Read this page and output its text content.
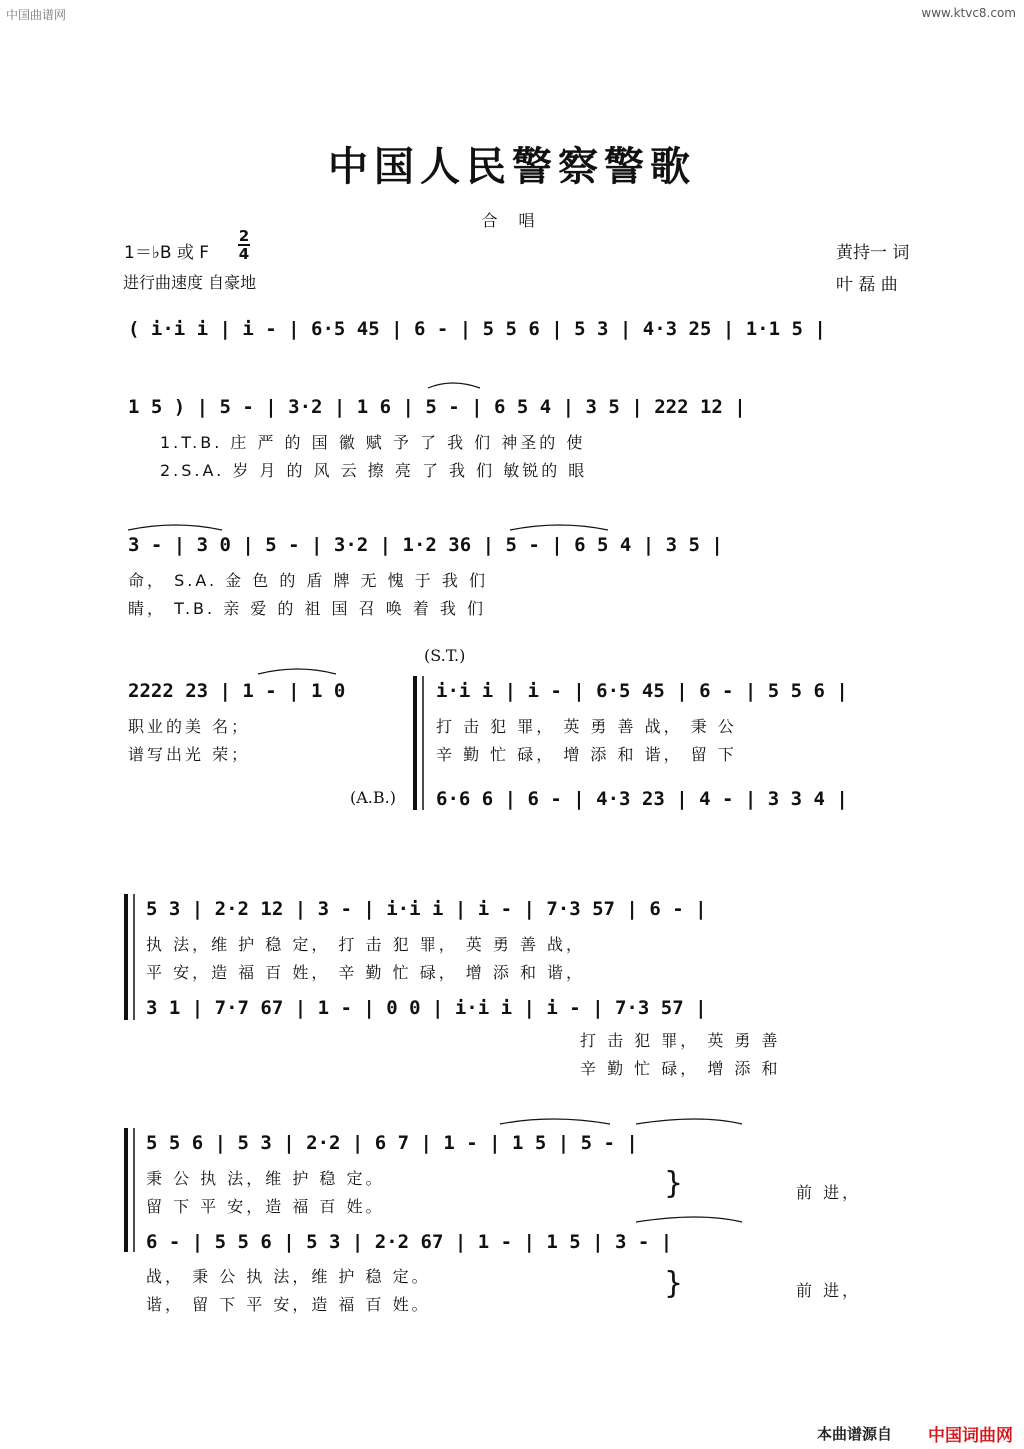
中国曲谱网	www.ktvc8.com
中国人民警察警歌
合 唱
1＝♭B 或 F
2
4
进行曲速度 自豪地
黄持一 词
叶 磊 曲
( i·i i | i - | 6·5 45 | 6 - | 5 5 6 | 5 3 | 4·3 25 | 1·1 5 |
1 5 ) | 5 - | 3·2 | 1 6 | 5 - | 6 5 4 | 3 5 | 222 12 |
1.T.B. 庄 严 的 国 徽 赋 予 了 我 们 神圣的 使
2.S.A. 岁 月 的 风 云 擦 亮 了 我 们 敏锐的 眼
3 - | 3 0 | 5 - | 3·2 | 1·2 36 | 5 - | 6 5 4 | 3 5 |
命， S.A. 金 色 的 盾 牌 无 愧 于 我 们
睛， T.B. 亲 爱 的 祖 国 召 唤 着 我 们
(S.T.)
2222 23 | 1 - | 1 0
职业的美 名；
谱写出光 荣；
i·i i | i - | 6·5 45 | 6 - | 5 5 6 |
打 击 犯 罪， 英 勇 善 战， 秉 公
辛 勤 忙 碌， 增 添 和 谐， 留 下
(A.B.) 6·6 6 | 6 - | 4·3 23 | 4 - | 3 3 4 |
5 3 | 2·2 12 | 3 - | i·i i | i - | 7·3 57 | 6 - |
执 法，维 护 稳 定， 打 击 犯 罪， 英 勇 善 战，
平 安，造 福 百 姓， 辛 勤 忙 碌， 增 添 和 谐，
3 1 | 7·7 67 | 1 - | 0 0 | i·i i | i - | 7·3 57 |
打 击 犯 罪， 英 勇 善
辛 勤 忙 碌， 增 添 和
5 5 6 | 5 3 | 2·2 | 6 7 | 1 - | 1 5 | 5 - |
秉 公 执 法，维 护 稳 定。
留 下 平 安，造 福 百 姓。
}	前 进，
6 - | 5 5 6 | 5 3 | 2·2 67 | 1 - | 1 5 | 3 - |
战， 秉 公 执 法，维 护 稳 定。
谐， 留 下 平 安，造 福 百 姓。
}	前 进，
本曲谱源自 中国词曲网
